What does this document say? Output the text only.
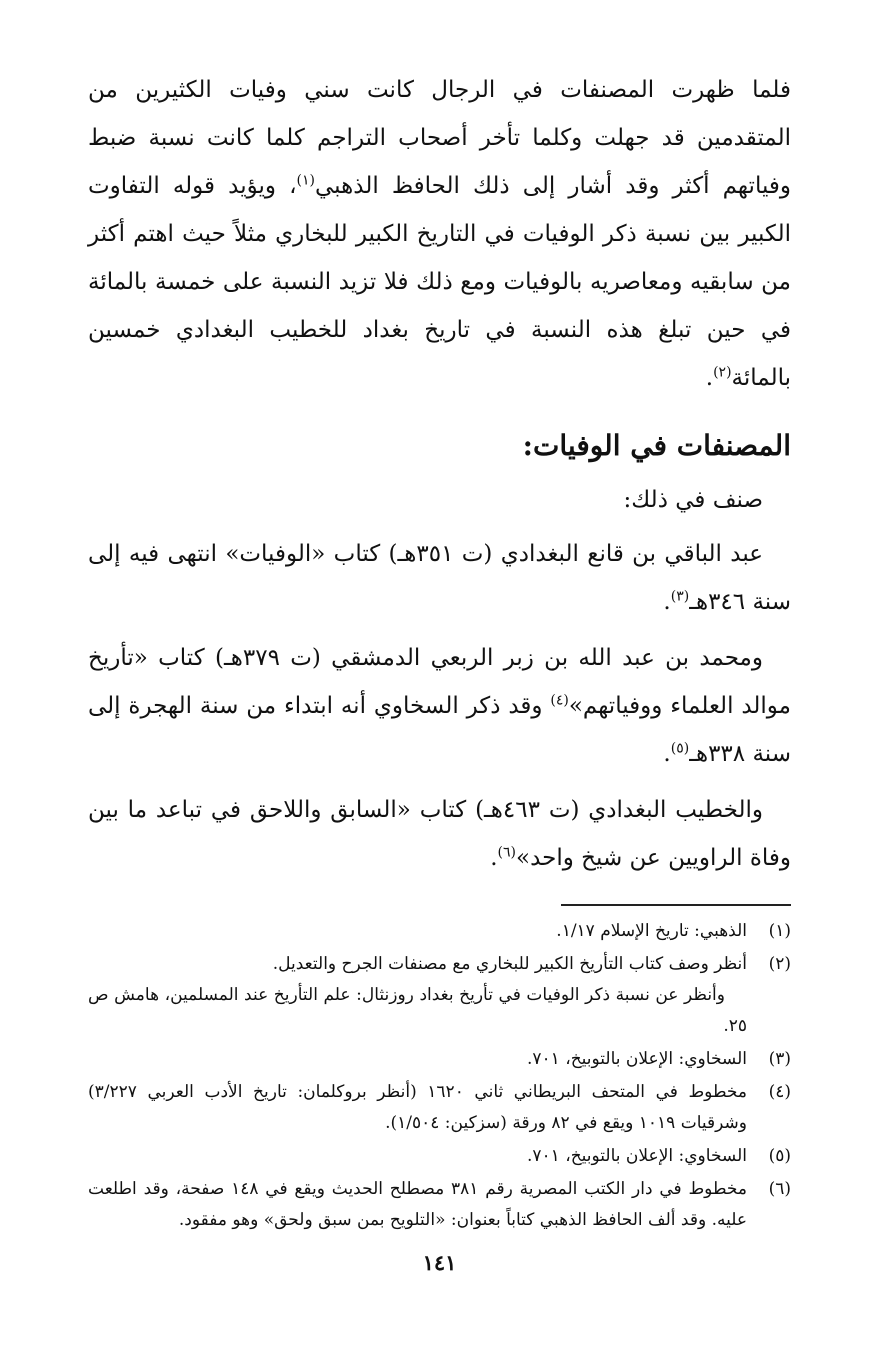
فلما ظهرت المصنفات في الرجال كانت سني وفيات الكثيرين من المتقدمين قد جهلت وكلما تأخر أصحاب التراجم كلما كانت نسبة ضبط وفياتهم أكثر وقد أشار إلى ذلك الحافظ الذهبي$^{(١)}$، ويؤيد قوله التفاوت الكبير بين نسبة ذكر الوفيات في التاريخ الكبير للبخاري مثلاً حيث اهتم أكثر من سابقيه ومعاصريه بالوفيات ومع ذلك فلا تزيد النسبة على خمسة بالمائة في حين تبلغ هذه النسبة في تاريخ بغداد للخطيب البغدادي خمسين بالمائة$^{(٢)}$.

المصنفات في الوفيات:

صنف في ذلك:

عبد الباقي بن قانع البغدادي (ت ٣٥١هـ) كتاب «الوفيات» انتهى فيه إلى سنة ٣٤٦هـ$^{(٣)}$.

ومحمد بن عبد الله بن زبر الربعي الدمشقي (ت ٣٧٩هـ) كتاب «تأريخ موالد العلماء ووفياتهم»$^{(٤)}$ وقد ذكر السخاوي أنه ابتداء من سنة الهجرة إلى سنة ٣٣٨هـ$^{(٥)}$.

والخطيب البغدادي (ت ٤٦٣هـ) كتاب «السابق واللاحق في تباعد ما بين وفاة الراويين عن شيخ واحد»$^{(٦)}$.

(١)
الذهبي: تاريخ الإسلام ١/١٧.
(٢)
أنظر وصف كتاب التأريخ الكبير للبخاري مع مصنفات الجرح والتعديل.
وأنظر عن نسبة ذكر الوفيات في تأريخ بغداد روزنثال: علم التأريخ عند المسلمين، هامش ص ٢٥.
(٣)
السخاوي: الإعلان بالتوبيخ، ٧٠١.
(٤)
مخطوط في المتحف البريطاني ثاني ١٦٢٠ (أنظر بروكلمان: تاريخ الأدب العربي ٣/٢٢٧) وشرقيات ١٠١٩ ويقع في ٨٢ ورقة (سزكين: ١/٥٠٤).
(٥)
السخاوي: الإعلان بالتوبيخ، ٧٠١.
(٦)
مخطوط في دار الكتب المصرية رقم ٣٨١ مصطلح الحديث ويقع في ١٤٨ صفحة، وقد اطلعت عليه. وقد ألف الحافظ الذهبي كتاباً بعنوان: «التلويح بمن سبق ولحق» وهو مفقود.
١٤١
